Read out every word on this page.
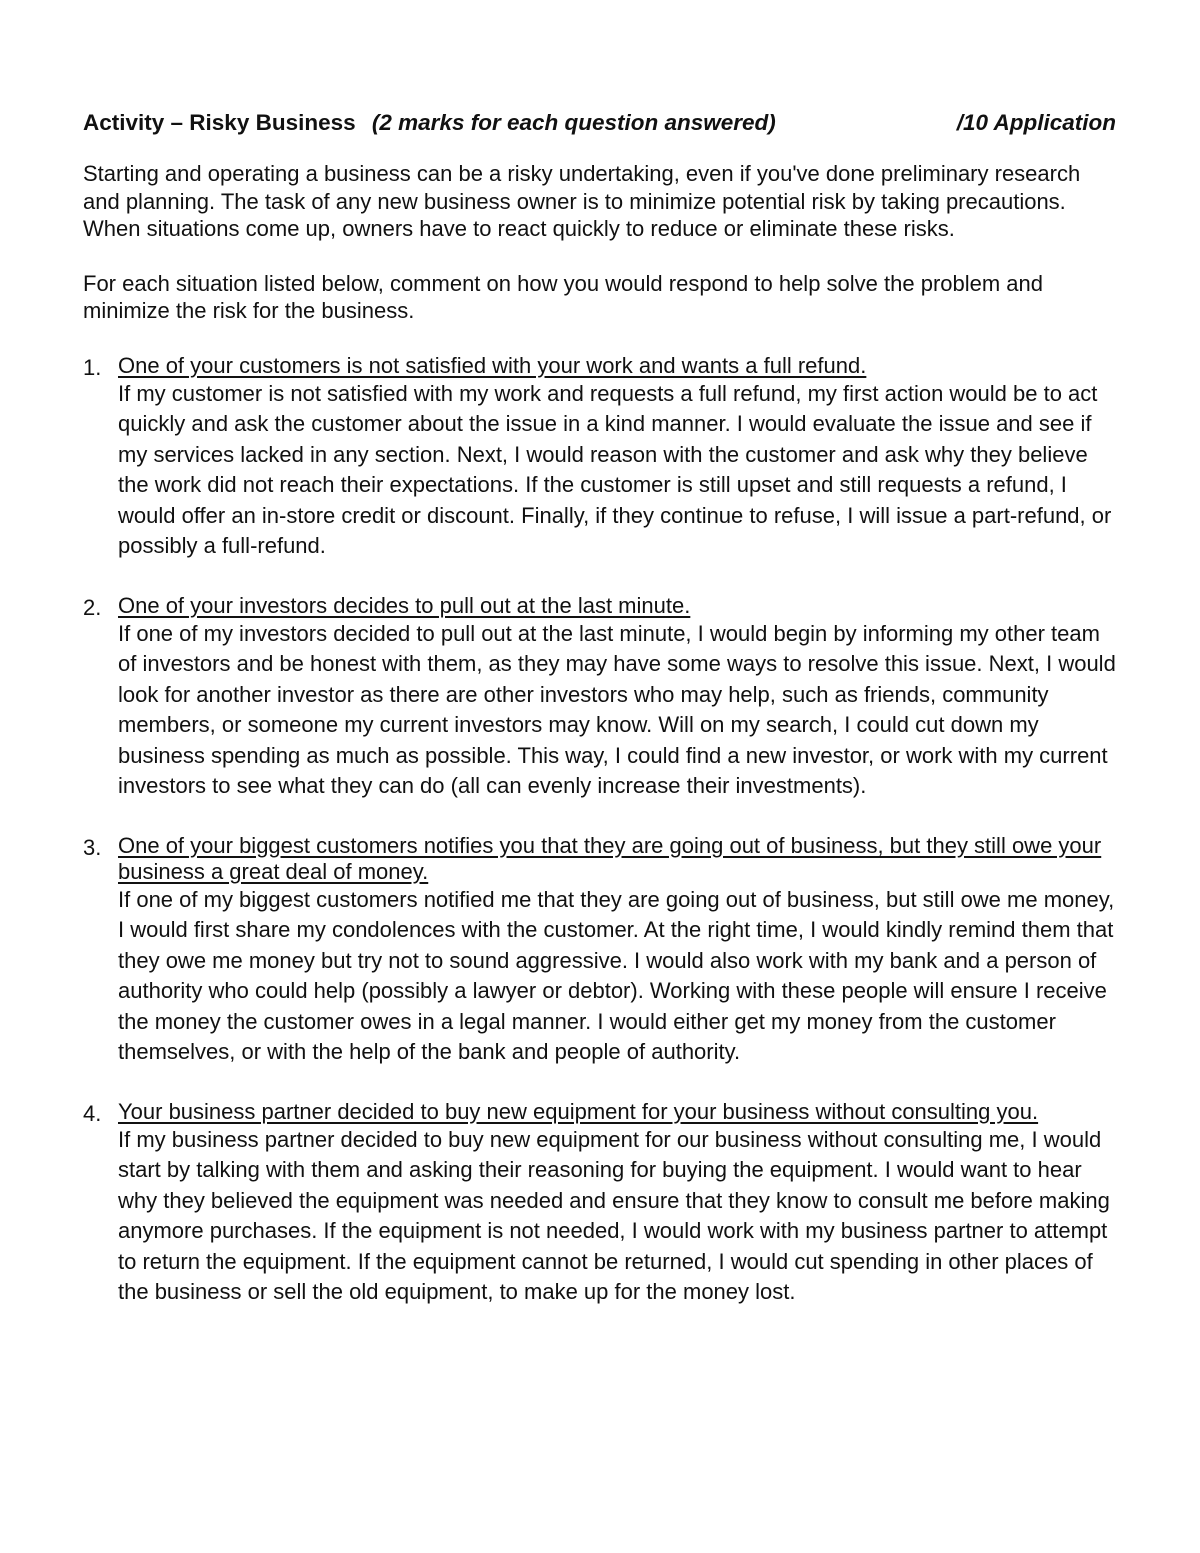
Activity – Risky Business (2 marks for each question answered)	/10 Application

Starting and operating a business can be a risky undertaking, even if you've done preliminary research and planning. The task of any new business owner is to minimize potential risk by taking precautions. When situations come up, owners have to react quickly to reduce or eliminate these risks.

For each situation listed below, comment on how you would respond to help solve the problem and minimize the risk for the business.

1. One of your customers is not satisfied with your work and wants a full refund.
If my customer is not satisfied with my work and requests a full refund, my first action would be to act quickly and ask the customer about the issue in a kind manner. I would evaluate the issue and see if my services lacked in any section. Next, I would reason with the customer and ask why they believe the work did not reach their expectations. If the customer is still upset and still requests a refund, I would offer an in-store credit or discount. Finally, if they continue to refuse, I will issue a part-refund, or possibly a full-refund.
2. One of your investors decides to pull out at the last minute.
If one of my investors decided to pull out at the last minute, I would begin by informing my other team of investors and be honest with them, as they may have some ways to resolve this issue. Next, I would look for another investor as there are other investors who may help, such as friends, community members, or someone my current investors may know. Will on my search, I could cut down my business spending as much as possible. This way, I could find a new investor, or work with my current investors to see what they can do (all can evenly increase their investments).
3. One of your biggest customers notifies you that they are going out of business, but they still owe your business a great deal of money.
If one of my biggest customers notified me that they are going out of business, but still owe me money, I would first share my condolences with the customer. At the right time, I would kindly remind them that they owe me money but try not to sound aggressive. I would also work with my bank and a person of authority who could help (possibly a lawyer or debtor). Working with these people will ensure I receive the money the customer owes in a legal manner. I would either get my money from the customer themselves, or with the help of the bank and people of authority.
4. Your business partner decided to buy new equipment for your business without consulting you.
If my business partner decided to buy new equipment for our business without consulting me, I would start by talking with them and asking their reasoning for buying the equipment. I would want to hear why they believed the equipment was needed and ensure that they know to consult me before making anymore purchases. If the equipment is not needed, I would work with my business partner to attempt to return the equipment. If the equipment cannot be returned, I would cut spending in other places of the business or sell the old equipment, to make up for the money lost.
